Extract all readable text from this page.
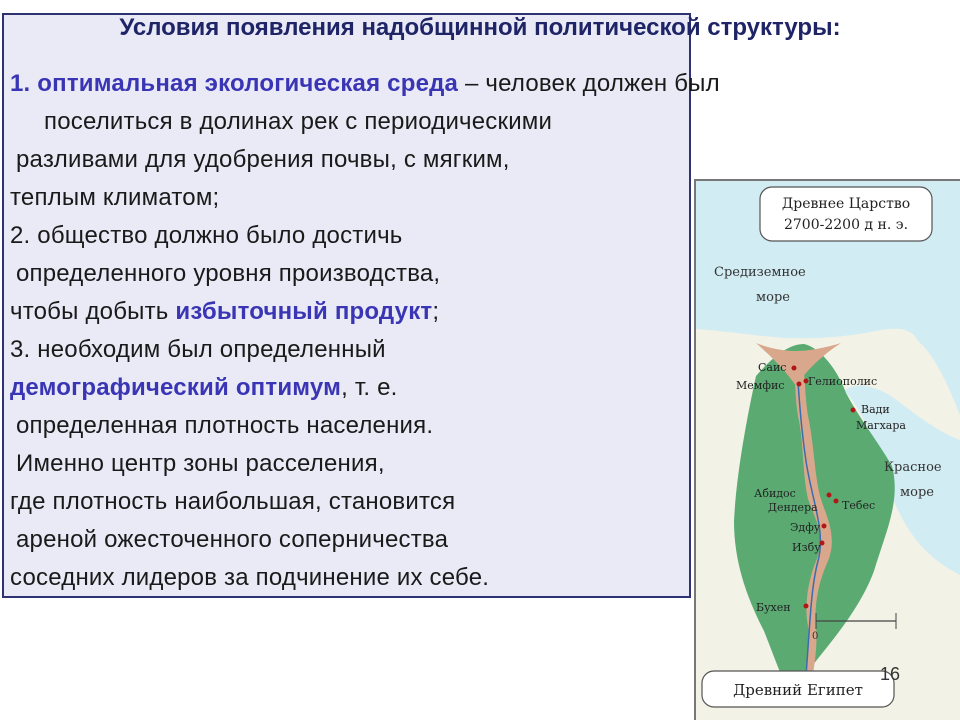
Условия появления надобщинной политической структуры:
1. оптимальная экологическая среда – человек должен был
поселиться в долинах рек с периодическими
разливами для удобрения почвы, с мягким,
теплым климатом;
2. общество должно было достичь
определенного уровня производства,
чтобы добыть избыточный продукт;
3. необходим был определенный
демографический оптимум, т. е.
определенная плотность населения.
Именно центр зоны расселения,
где плотность наибольшая, становится
ареной ожесточенного соперничества
соседних лидеров за подчинение их себе.
Средиземное
море
Красное
море
Саис
Мемфис Гелиополис
Вади
Магхара
Абидос
Дендера Тебес
Эдфу
Избу
Бухен
0
Древнее Царство
2700-2200 д н. э.
Древний Египет
16
